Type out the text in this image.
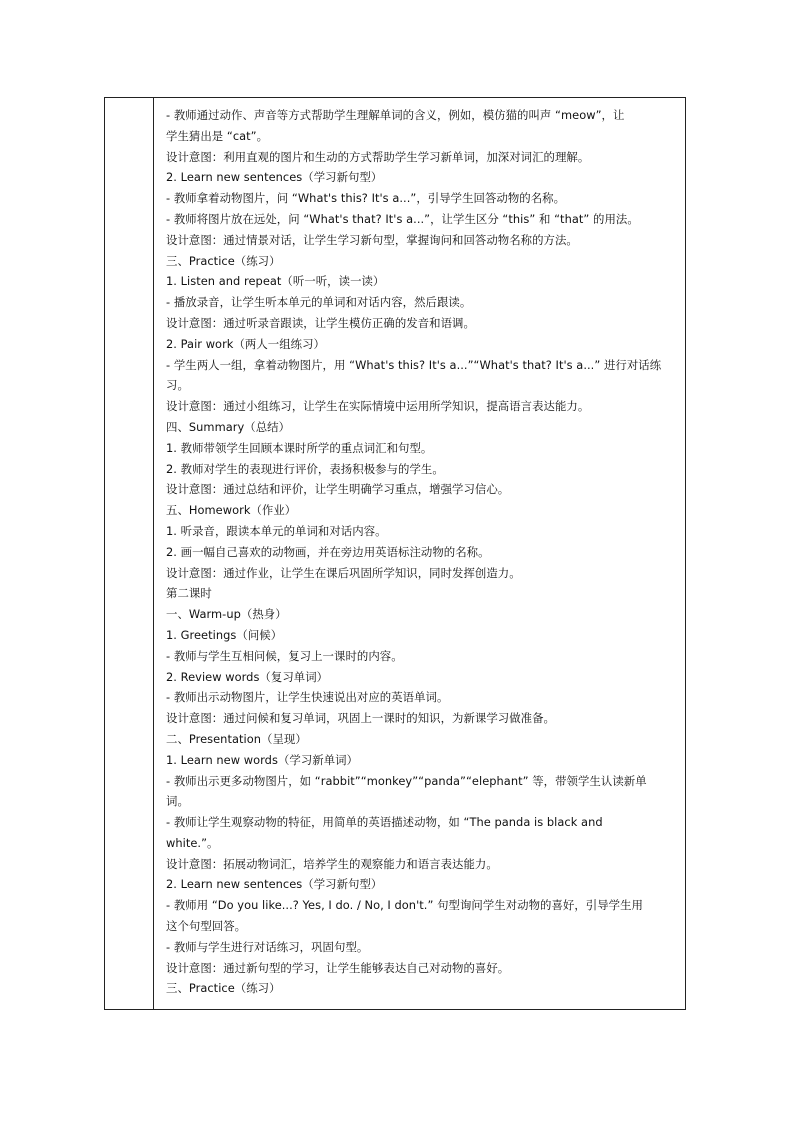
- 教师通过动作、声音等方式帮助学生理解单词的含义，例如，模仿猫的叫声 “meow”，让
学生猜出是 “cat”。
设计意图：利用直观的图片和生动的方式帮助学生学习新单词，加深对词汇的理解。
2. Learn new sentences（学习新句型）
- 教师拿着动物图片，问 “What's this? It's a...”，引导学生回答动物的名称。
- 教师将图片放在远处，问 “What's that? It's a...”，让学生区分 “this” 和 “that” 的用法。
设计意图：通过情景对话，让学生学习新句型，掌握询问和回答动物名称的方法。
三、Practice（练习）
1. Listen and repeat（听一听，读一读）
- 播放录音，让学生听本单元的单词和对话内容，然后跟读。
设计意图：通过听录音跟读，让学生模仿正确的发音和语调。
2. Pair work（两人一组练习）
- 学生两人一组，拿着动物图片，用 “What's this? It's a...”“What's that? It's a...” 进行对话练
习。
设计意图：通过小组练习，让学生在实际情境中运用所学知识，提高语言表达能力。
四、Summary（总结）
1. 教师带领学生回顾本课时所学的重点词汇和句型。
2. 教师对学生的表现进行评价，表扬积极参与的学生。
设计意图：通过总结和评价，让学生明确学习重点，增强学习信心。
五、Homework（作业）
1. 听录音，跟读本单元的单词和对话内容。
2. 画一幅自己喜欢的动物画，并在旁边用英语标注动物的名称。
设计意图：通过作业，让学生在课后巩固所学知识，同时发挥创造力。
第二课时
一、Warm-up（热身）
1. Greetings（问候）
- 教师与学生互相问候，复习上一课时的内容。
2. Review words（复习单词）
- 教师出示动物图片，让学生快速说出对应的英语单词。
设计意图：通过问候和复习单词，巩固上一课时的知识，为新课学习做准备。
二、Presentation（呈现）
1. Learn new words（学习新单词）
- 教师出示更多动物图片，如 “rabbit”“monkey”“panda”“elephant” 等，带领学生认读新单
词。
- 教师让学生观察动物的特征，用简单的英语描述动物，如 “The panda is black and
white.”。
设计意图：拓展动物词汇，培养学生的观察能力和语言表达能力。
2. Learn new sentences（学习新句型）
- 教师用 “Do you like...? Yes, I do. / No, I don't.” 句型询问学生对动物的喜好，引导学生用
这个句型回答。
- 教师与学生进行对话练习，巩固句型。
设计意图：通过新句型的学习，让学生能够表达自己对动物的喜好。
三、Practice（练习）
